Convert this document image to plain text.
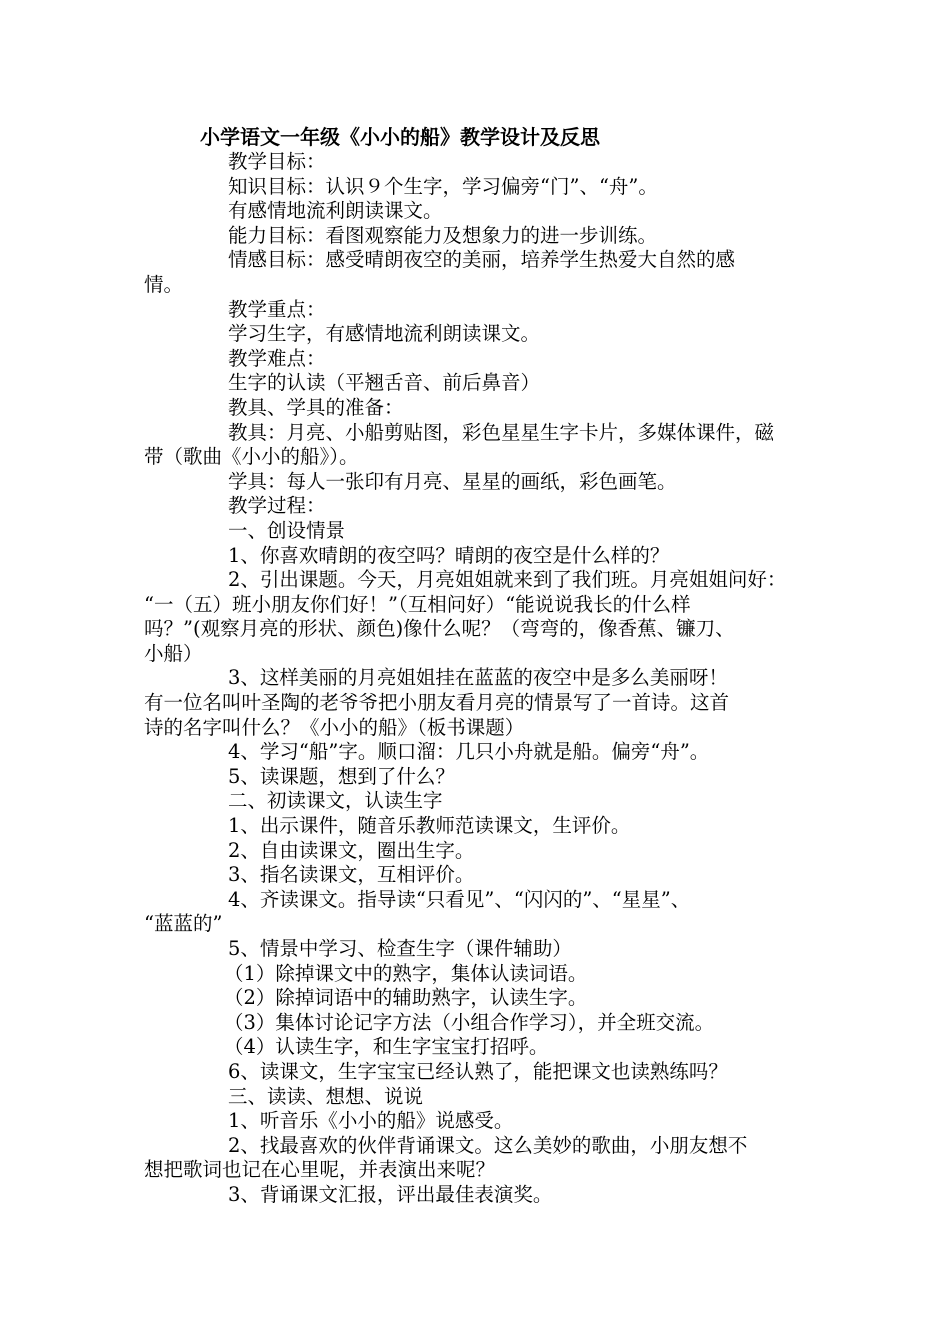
小学语文一年级《小小的船》教学设计及反思
教学目标：
知识目标：认识９个生字，学习偏旁“门”、“舟”。
有感情地流利朗读课文。
能力目标：看图观察能力及想象力的进一步训练。
情感目标：感受晴朗夜空的美丽，培养学生热爱大自然的感
情。
教学重点：
学习生字，有感情地流利朗读课文。
教学难点：
生字的认读（平翘舌音、前后鼻音）
教具、学具的准备：
教具：月亮、小船剪贴图，彩色星星生字卡片，多媒体课件，磁
带（歌曲《小小的船》）。
学具：每人一张印有月亮、星星的画纸，彩色画笔。
教学过程：
一、创设情景
1、你喜欢晴朗的夜空吗？晴朗的夜空是什么样的？
2、引出课题。今天，月亮姐姐就来到了我们班。月亮姐姐问好：
“一（五）班小朋友你们好！”（互相问好）“能说说我长的什么样
吗？”(观察月亮的形状、颜色)像什么呢？（弯弯的，像香蕉、镰刀、
小船）
3、这样美丽的月亮姐姐挂在蓝蓝的夜空中是多么美丽呀！
有一位名叫叶圣陶的老爷爷把小朋友看月亮的情景写了一首诗。这首
诗的名字叫什么？《小小的船》（板书课题）
4、学习“船”字。顺口溜：几只小舟就是船。偏旁“舟”。
5、读课题，想到了什么？
二、初读课文，认读生字
1、出示课件，随音乐教师范读课文，生评价。
2、自由读课文，圈出生字。
3、指名读课文，互相评价。
4、齐读课文。指导读“只看见”、“闪闪的”、“星星”、
“蓝蓝的”
5、情景中学习、检查生字（课件辅助）
（1）除掉课文中的熟字，集体认读词语。
（2）除掉词语中的辅助熟字，认读生字。
（3）集体讨论记字方法（小组合作学习），并全班交流。
（4）认读生字，和生字宝宝打招呼。
6、读课文，生字宝宝已经认熟了，能把课文也读熟练吗？
三、读读、想想、说说
1、听音乐《小小的船》说感受。
2、找最喜欢的伙伴背诵课文。这么美妙的歌曲，小朋友想不
想把歌词也记在心里呢，并表演出来呢？
3、背诵课文汇报，评出最佳表演奖。
